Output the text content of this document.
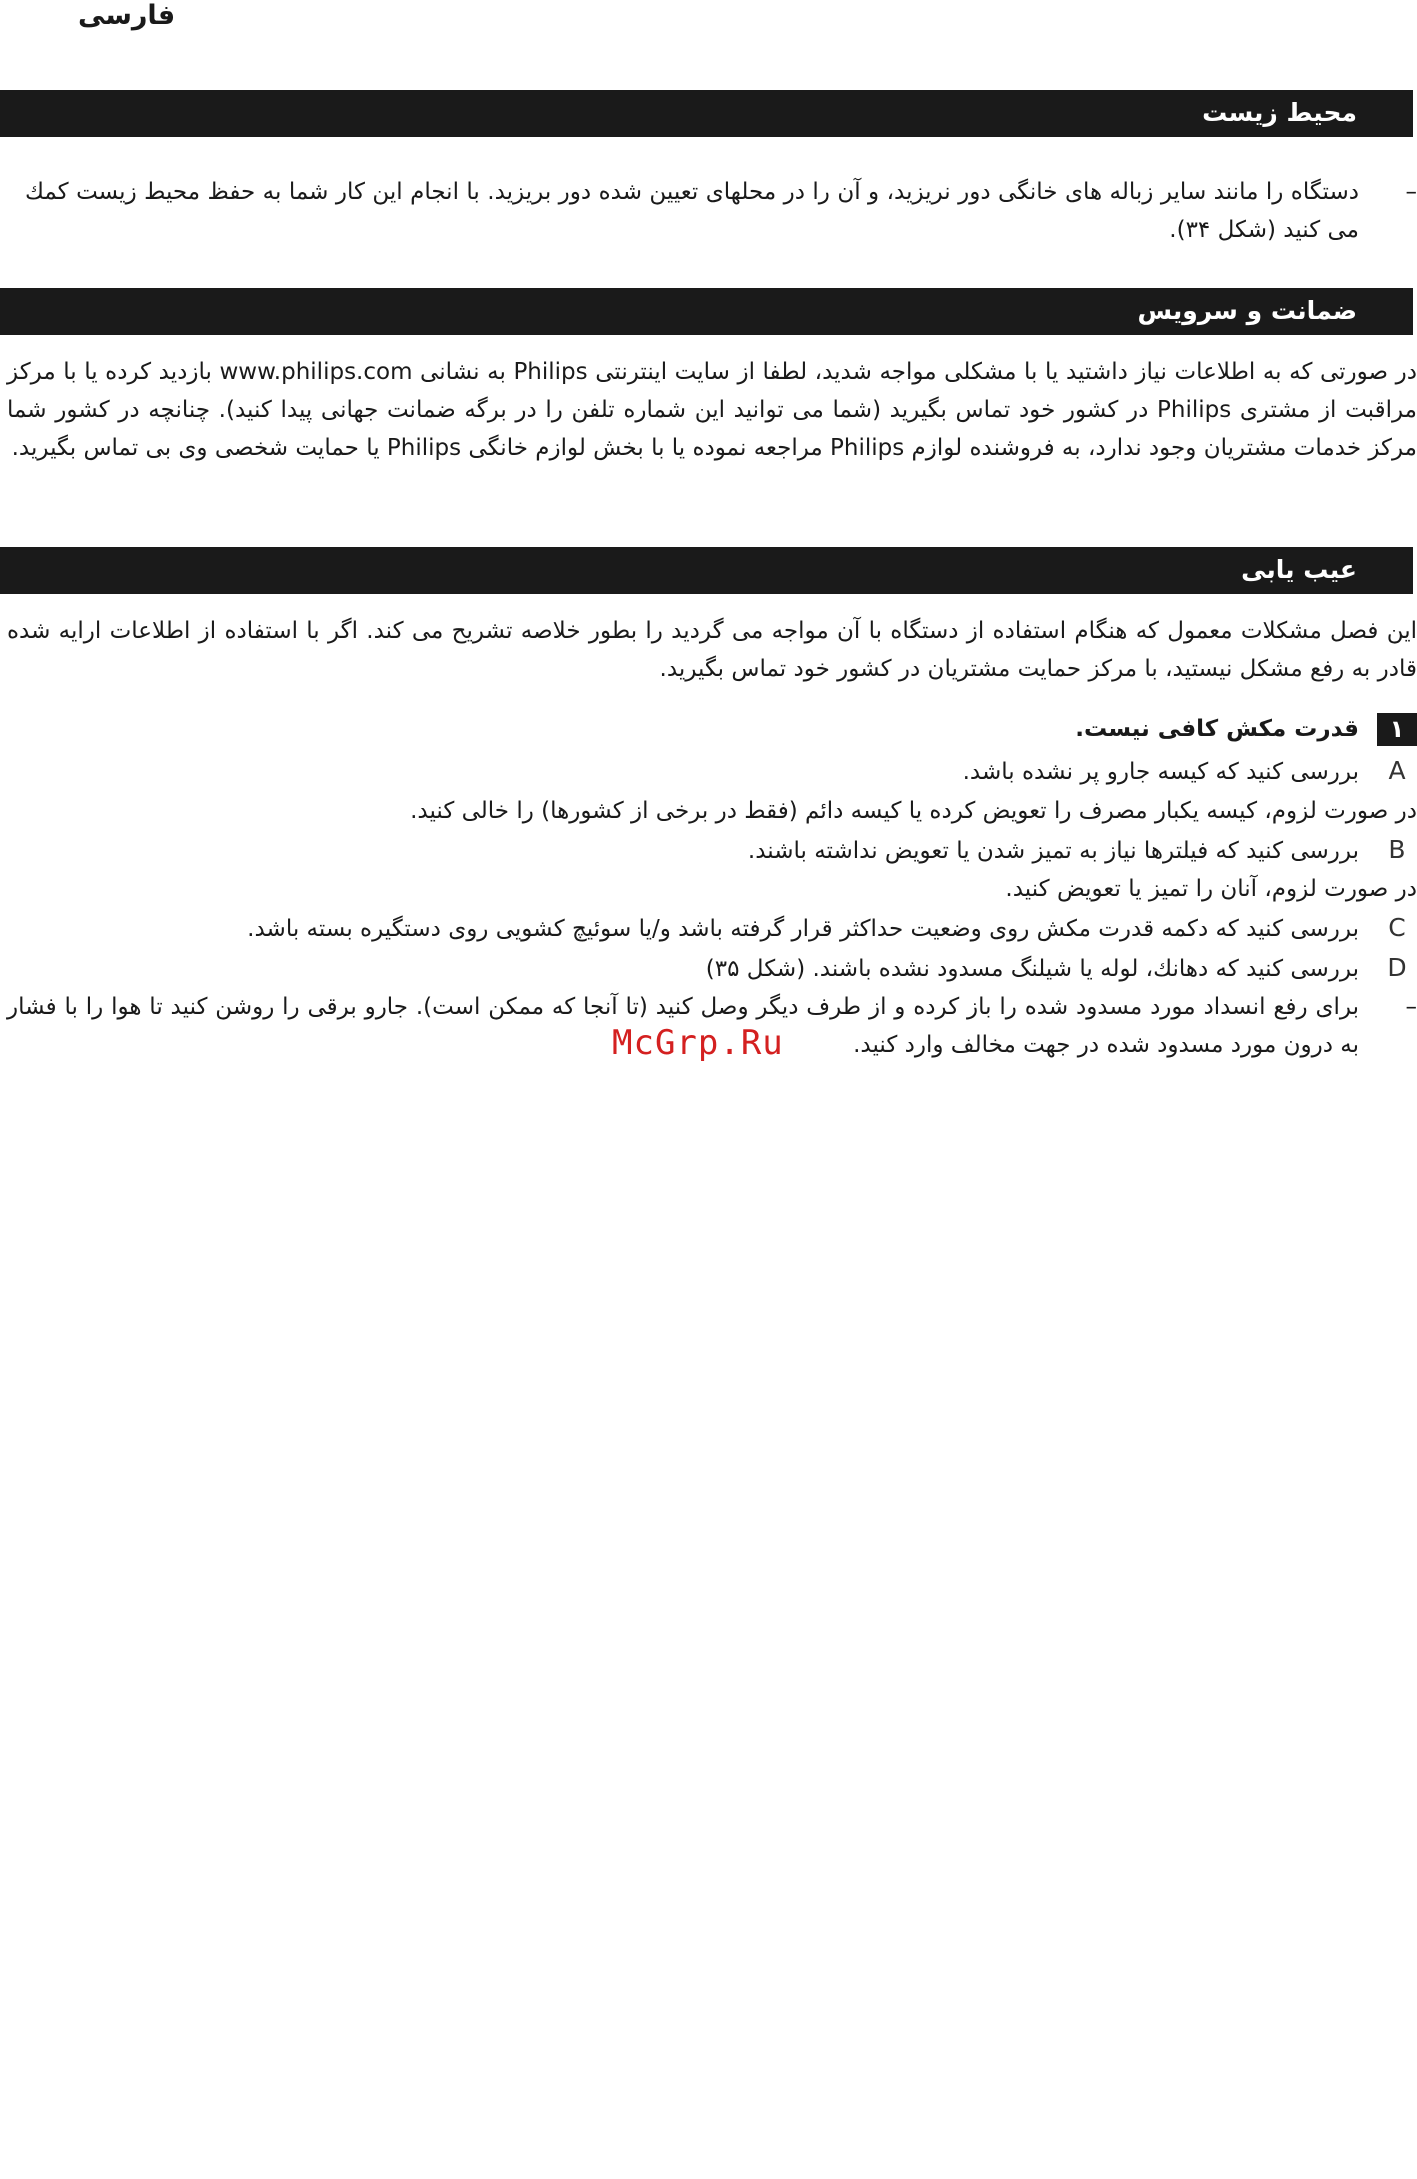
فارسی
محیط زیست
–
دستگاه را مانند سایر زباله های خانگی دور نریزید، و آن را در محلهای تعیین شده دور بریزید. با انجام این کار شما به حفظ محیط زیست کمك می کنید (شکل ۳۴).
ضمانت و سرویس

در صورتی که به اطلاعات نیاز داشتید یا با مشکلی مواجه شدید، لطفا از سایت اینترنتی Philips به نشانی www.philips.com بازدید کرده یا با مرکز مراقبت از مشتری Philips در کشور خود تماس بگیرید (شما می توانید این شماره تلفن را در برگه ضمانت جهانی پیدا کنید). چنانچه در کشور شما مرکز خدمات مشتریان وجود ندارد، به فروشنده لوازم Philips مراجعه نموده یا با بخش لوازم خانگی Philips یا حمایت شخصی وی بی تماس بگیرید.

عیب یابی

این فصل مشکلات معمول که هنگام استفاده از دستگاه با آن مواجه می گردید را بطور خلاصه تشریح می کند. اگر با استفاده از اطلاعات ارایه شده قادر به رفع مشکل نیستید، با مرکز حمایت مشتریان در کشور خود تماس بگیرید.

۱قدرت مکش کافی نیست.
Aبررسی کنید که کیسه جارو پر نشده باشد.
در صورت لزوم، کیسه یکبار مصرف را تعویض کرده یا کیسه دائم (فقط در برخی از کشورها) را خالی کنید.
Bبررسی کنید که فیلترها نیاز به تمیز شدن یا تعویض نداشته باشند.
در صورت لزوم، آنان را تمیز یا تعویض کنید.
Cبررسی کنید که دکمه قدرت مکش روی وضعیت حداکثر قرار گرفته باشد و/یا سوئیچ کشویی روی دستگیره بسته باشد.
Dبررسی کنید که دهانك، لوله یا شیلنگ مسدود نشده باشند. (شکل ۳۵)
–
برای رفع انسداد مورد مسدود شده را باز کرده و از طرف دیگر وصل کنید (تا آنجا که ممکن است). جارو برقی را روشن کنید تا هوا را با فشار به درون مورد مسدود شده در جهت مخالف وارد کنید.
McGrp.Ru
